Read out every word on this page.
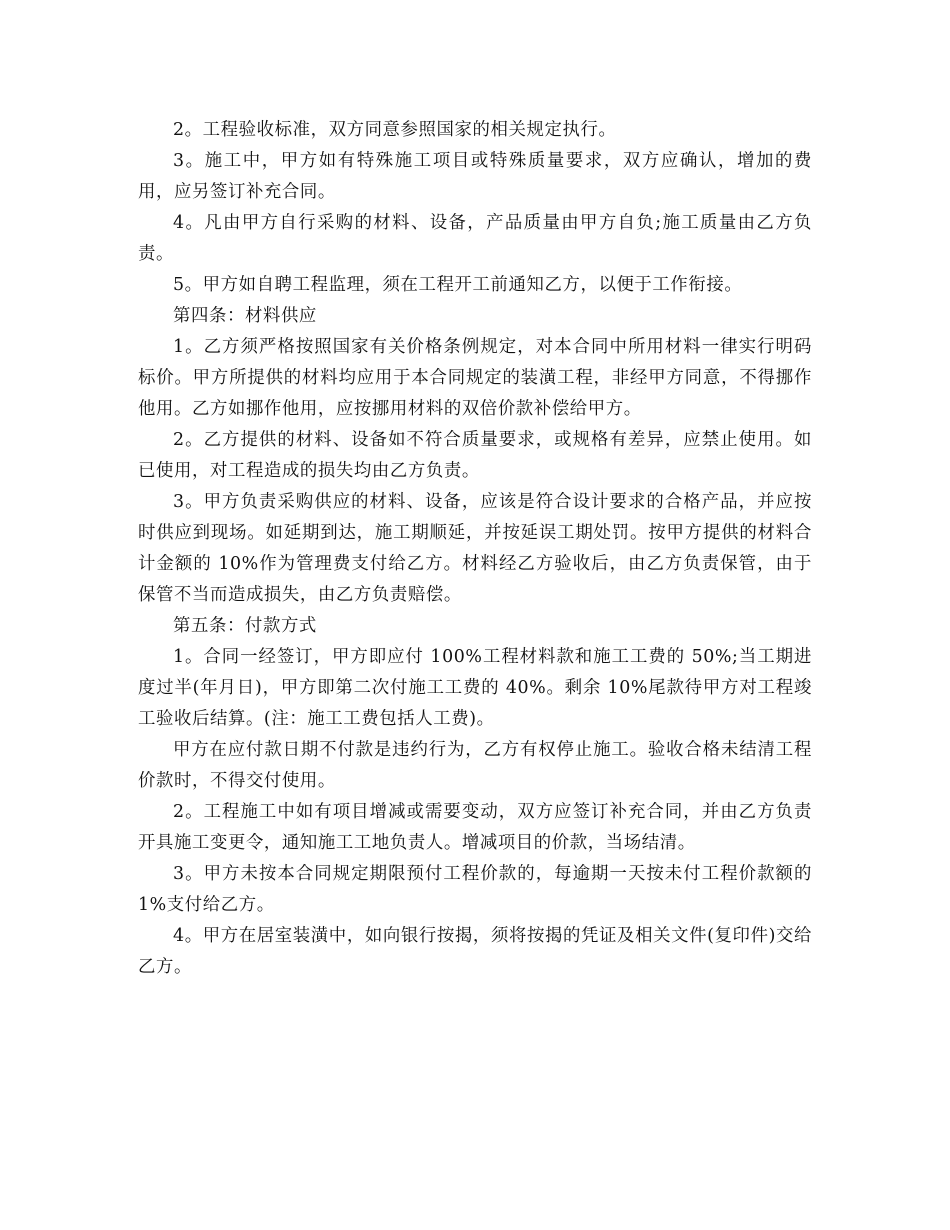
2。工程验收标准，双方同意参照国家的相关规定执行。

3。施工中，甲方如有特殊施工项目或特殊质量要求，双方应确认，增加的费用，应另签订补充合同。

4。凡由甲方自行采购的材料、设备，产品质量由甲方自负;施工质量由乙方负责。

5。甲方如自聘工程监理，须在工程开工前通知乙方，以便于工作衔接。

第四条：材料供应

1。乙方须严格按照国家有关价格条例规定，对本合同中所用材料一律实行明码标价。甲方所提供的材料均应用于本合同规定的装潢工程，非经甲方同意，不得挪作他用。乙方如挪作他用，应按挪用材料的双倍价款补偿给甲方。

2。乙方提供的材料、设备如不符合质量要求，或规格有差异，应禁止使用。如已使用，对工程造成的损失均由乙方负责。

3。甲方负责采购供应的材料、设备，应该是符合设计要求的合格产品，并应按时供应到现场。如延期到达，施工期顺延，并按延误工期处罚。按甲方提供的材料合计金额的 10%作为管理费支付给乙方。材料经乙方验收后，由乙方负责保管，由于保管不当而造成损失，由乙方负责赔偿。

第五条：付款方式

1。合同一经签订，甲方即应付 100%工程材料款和施工工费的 50%;当工期进度过半(年月日)，甲方即第二次付施工工费的 40%。剩余 10%尾款待甲方对工程竣工验收后结算。(注：施工工费包括人工费)。

甲方在应付款日期不付款是违约行为，乙方有权停止施工。验收合格未结清工程价款时，不得交付使用。

2。工程施工中如有项目增减或需要变动，双方应签订补充合同，并由乙方负责开具施工变更令，通知施工工地负责人。增减项目的价款，当场结清。

3。甲方未按本合同规定期限预付工程价款的，每逾期一天按未付工程价款额的 1%支付给乙方。

4。甲方在居室装潢中，如向银行按揭，须将按揭的凭证及相关文件(复印件)交给乙方。
